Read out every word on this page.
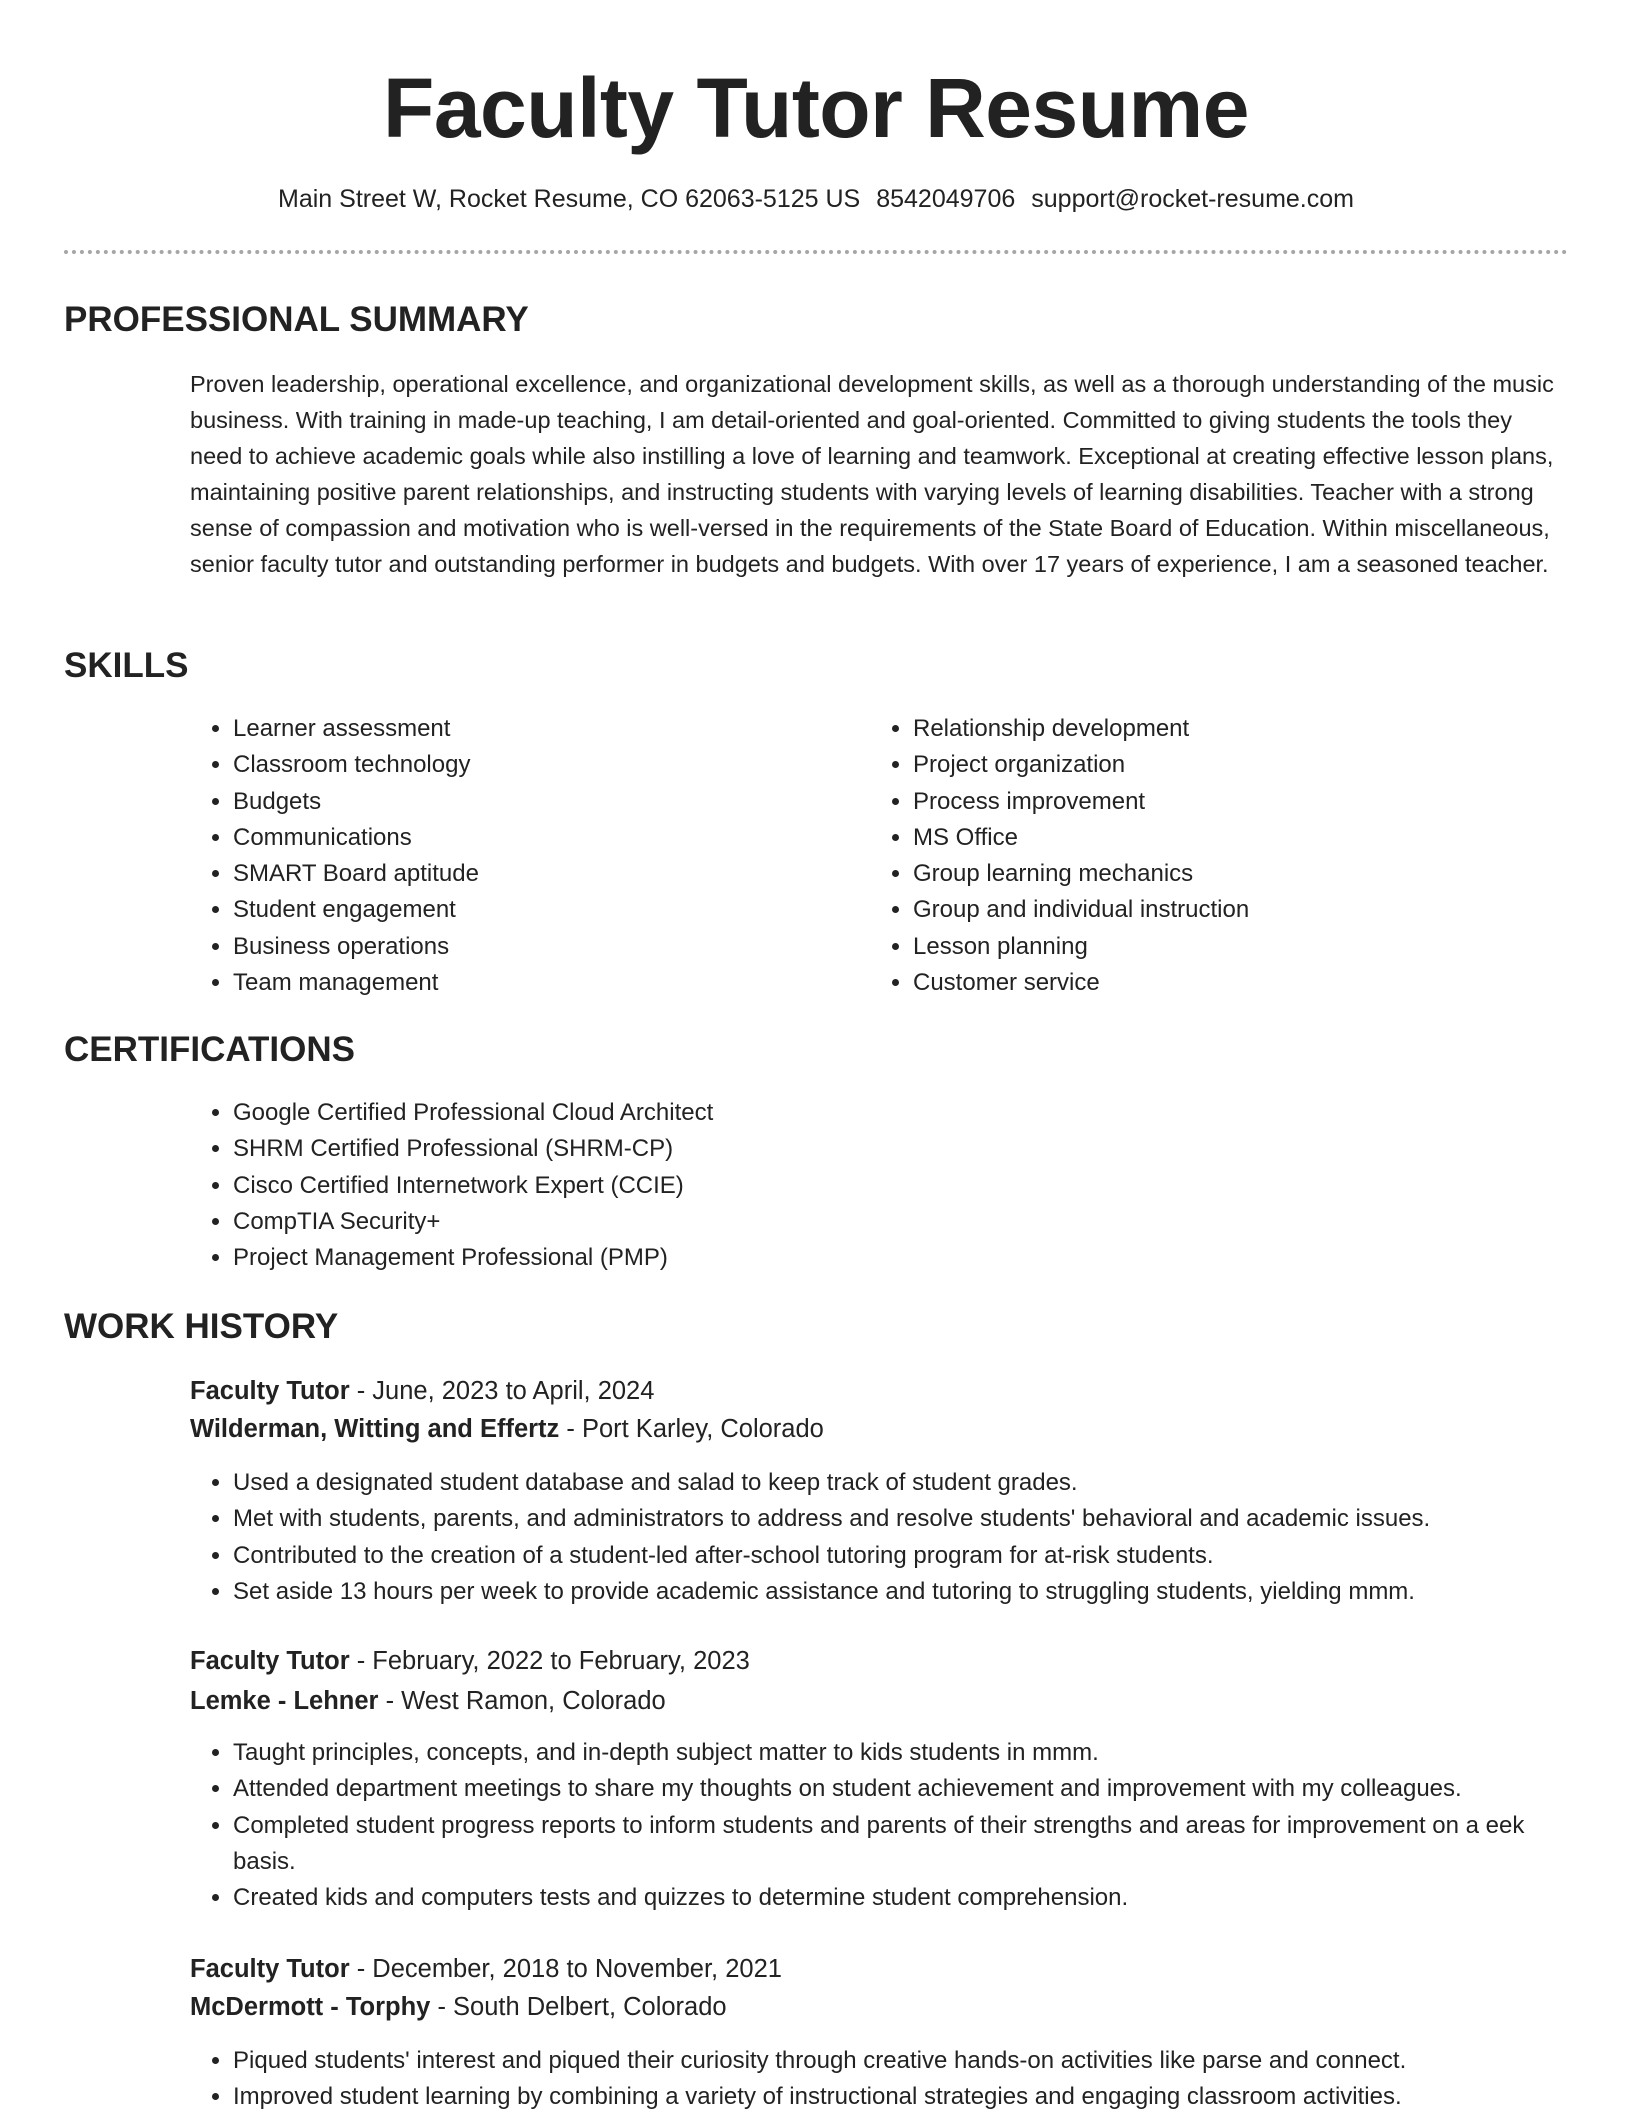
Faculty Tutor Resume
Main Street W, Rocket Resume, CO 62063-5125 US 8542049706 support@rocket-resume.com
PROFESSIONAL SUMMARY

Proven leadership, operational excellence, and organizational development skills, as well as a thorough understanding of the music business. With training in made-up teaching, I am detail-oriented and goal-oriented. Committed to giving students the tools they need to achieve academic goals while also instilling a love of learning and teamwork. Exceptional at creating effective lesson plans, maintaining positive parent relationships, and instructing students with varying levels of learning disabilities. Teacher with a strong sense of compassion and motivation who is well-versed in the requirements of the State Board of Education. Within miscellaneous, senior faculty tutor and outstanding performer in budgets and budgets. With over 17 years of experience, I am a seasoned teacher.

SKILLS
• Learner assessment
• Classroom technology
• Budgets
• Communications
• SMART Board aptitude
• Student engagement
• Business operations
• Team management
• Relationship development
• Project organization
• Process improvement
• MS Office
• Group learning mechanics
• Group and individual instruction
• Lesson planning
• Customer service
CERTIFICATIONS
• Google Certified Professional Cloud Architect
• SHRM Certified Professional (SHRM-CP)
• Cisco Certified Internetwork Expert (CCIE)
• CompTIA Security+
• Project Management Professional (PMP)
WORK HISTORY

Faculty Tutor - June, 2023 to April, 2024

Wilderman, Witting and Effertz - Port Karley, Colorado

• Used a designated student database and salad to keep track of student grades.
• Met with students, parents, and administrators to address and resolve students' behavioral and academic issues.
• Contributed to the creation of a student-led after-school tutoring program for at-risk students.
• Set aside 13 hours per week to provide academic assistance and tutoring to struggling students, yielding mmm.

Faculty Tutor - February, 2022 to February, 2023

Lemke - Lehner - West Ramon, Colorado

• Taught principles, concepts, and in-depth subject matter to kids students in mmm.
• Attended department meetings to share my thoughts on student achievement and improvement with my colleagues.
• Completed student progress reports to inform students and parents of their strengths and areas for improvement on a eek basis.
• Created kids and computers tests and quizzes to determine student comprehension.

Faculty Tutor - December, 2018 to November, 2021

McDermott - Torphy - South Delbert, Colorado

• Piqued students' interest and piqued their curiosity through creative hands-on activities like parse and connect.
• Improved student learning by combining a variety of instructional strategies and engaging classroom activities.
